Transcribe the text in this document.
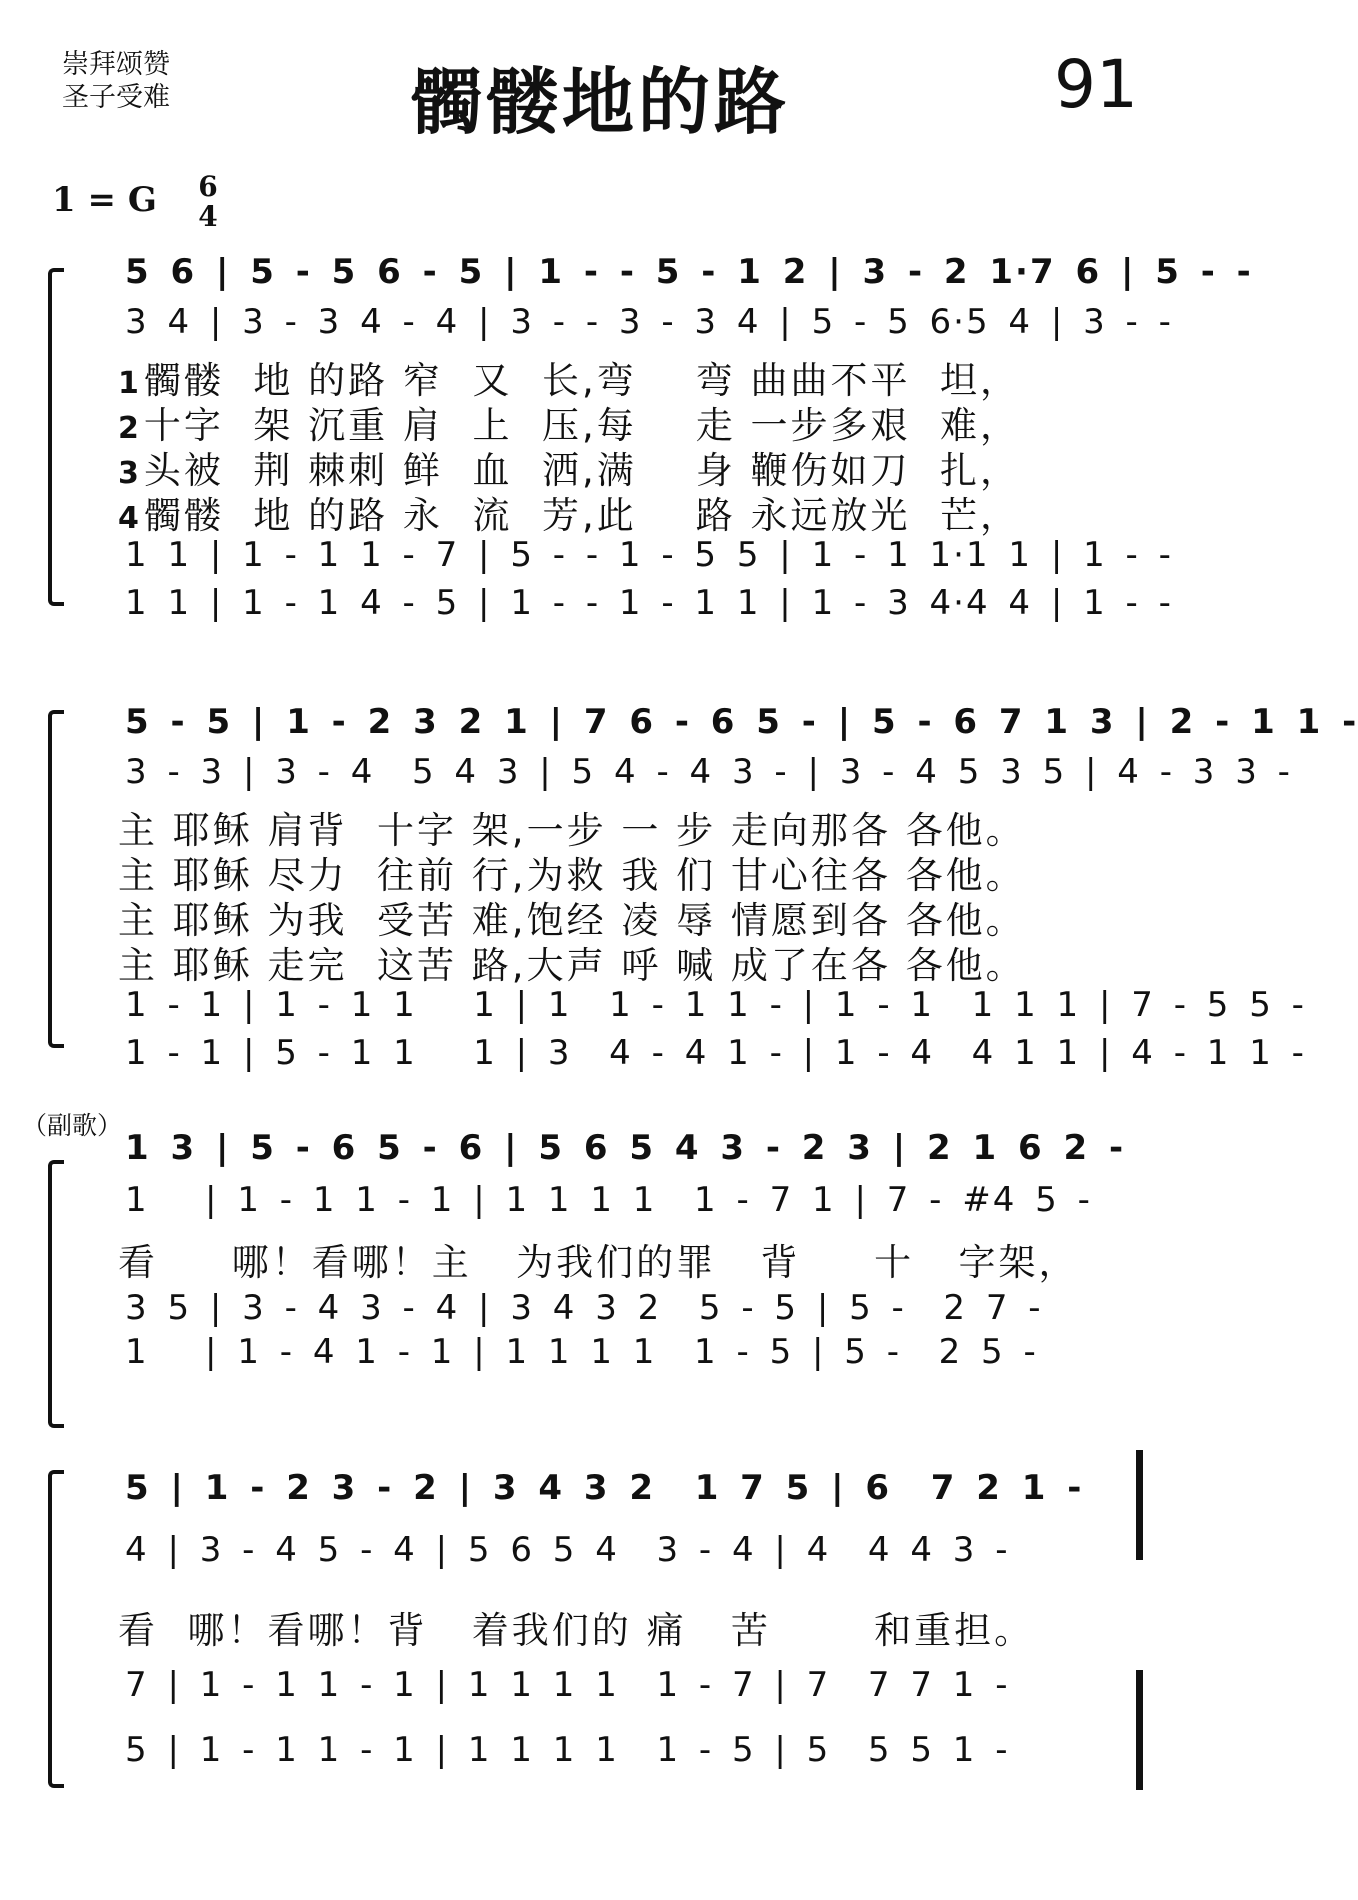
崇拜颂赞
圣子受难	髑髅地的路	91
1 = G 6
4
5 6 | 5 - 5 6 - 5 | 1 - - 5 - 1 2 | 3 - 2 1·7 6 | 5 - -
3 4 | 3 - 3 4 - 4 | 3 - - 3 - 3 4 | 5 - 5 6·5 4 | 3 - -
1髑髅  地 的路 窄  又  长,弯    弯 曲曲不平  坦，
2十字  架 沉重 肩  上  压,每    走 一步多艰  难，
3头被  荆 棘刺 鲜  血  洒,满    身 鞭伤如刀  扎，
4髑髅  地 的路 永  流  芳,此    路 永远放光  芒，
1 1 | 1 - 1 1 - 7 | 5 - - 1 - 5 5 | 1 - 1 1·1 1 | 1 - -
1 1 | 1 - 1 4 - 5 | 1 - - 1 - 1 1 | 1 - 3 4·4 4 | 1 - -
5 - 5 | 1 - 2 3 2 1 | 7 6 - 6 5 - | 5 - 6 7 1 3 | 2 - 1 1 -
3 - 3 | 3 - 4  5 4 3 | 5 4 - 4 3 - | 3 - 4 5 3 5 | 4 - 3 3 -
主 耶稣 肩背  十字 架,一步 一 步 走向那各 各他。
主 耶稣 尽力  往前 行,为救 我 们 甘心往各 各他。
主 耶稣 为我  受苦 难,饱经 凌 辱 情愿到各 各他。
主 耶稣 走完  这苦 路,大声 呼 喊 成了在各 各他。
1 - 1 | 1 - 1 1   1 | 1  1 - 1 1 - | 1 - 1  1 1 1 | 7 - 5 5 -
1 - 1 | 5 - 1 1   1 | 3  4 - 4 1 - | 1 - 4  4 1 1 | 4 - 1 1 -
（副歌）
1 3 | 5 - 6 5 - 6 | 5 6 5 4 3 - 2 3 | 2 1 6 2 -
1   | 1 - 1 1 - 1 | 1 1 1 1  1 - 7 1 | 7 - #4 5 -
看     哪！看哪！主   为我们的罪   背     十   字架，
3 5 | 3 - 4 3 - 4 | 3 4 3 2  5 - 5 | 5 -  2 7 -
1   | 1 - 4 1 - 1 | 1 1 1 1  1 - 5 | 5 -  2 5 -
5 | 1 - 2 3 - 2 | 3 4 3 2  1 7 5 | 6  7 2 1 -
4 | 3 - 4 5 - 4 | 5 6 5 4  3 - 4 | 4  4 4 3 -
看  哪！看哪！背   着我们的 痛   苦       和重担。
7 | 1 - 1 1 - 1 | 1 1 1 1  1 - 7 | 7  7 7 1 -
5 | 1 - 1 1 - 1 | 1 1 1 1  1 - 5 | 5  5 5 1 -
